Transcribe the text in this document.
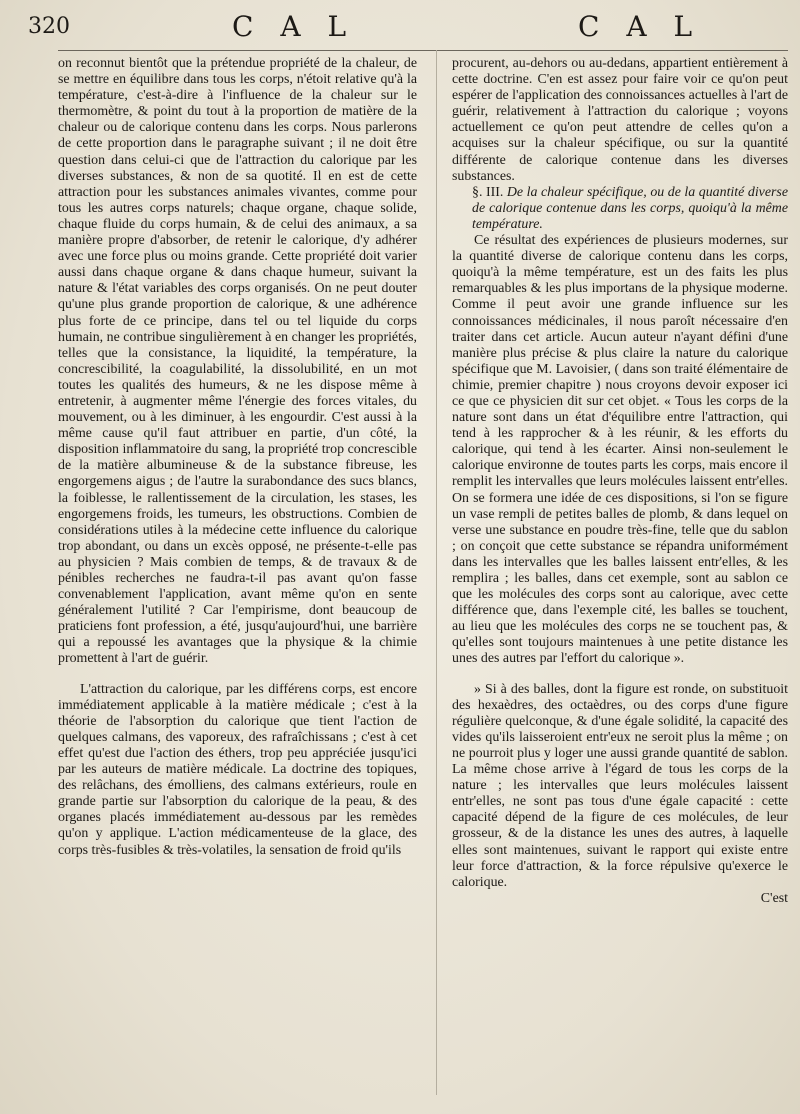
320	C A L	C A L

on reconnut bientôt que la prétendue propriété de la chaleur, de se mettre en équilibre dans tous les corps, n'étoit relative qu'à la température, c'est-à-dire à l'influence de la chaleur sur le thermomètre, & point du tout à la proportion de matière de la chaleur ou de calorique contenu dans les corps. Nous parlerons de cette proportion dans le paragraphe suivant ; il ne doit être question dans celui-ci que de l'attraction du calorique par les diverses substances, & non de sa quotité. Il en est de cette attraction pour les substances animales vivantes, comme pour tous les autres corps naturels; chaque organe, chaque solide, chaque fluide du corps humain, & de celui des animaux, a sa manière propre d'absorber, de retenir le calorique, d'y adhérer avec une force plus ou moins grande. Cette propriété doit varier aussi dans chaque organe & dans chaque humeur, suivant la nature & l'état variables des corps organisés. On ne peut douter qu'une plus grande proportion de calorique, & une adhérence plus forte de ce principe, dans tel ou tel liquide du corps humain, ne contribue singulièrement à en changer les propriétés, telles que la consistance, la liquidité, la température, la concrescibilité, la coagulabilité, la dissolubilité, en un mot toutes les qualités des humeurs, & ne les dispose même à entretenir, à augmenter même l'énergie des forces vitales, du mouvement, ou à les diminuer, à les engourdir. C'est aussi à la même cause qu'il faut attribuer en partie, d'un côté, la disposition inflammatoire du sang, la propriété trop concrescible de la matière albumineuse & de la substance fibreuse, les engorgemens aigus ; de l'autre la surabondance des sucs blancs, la foiblesse, le rallentissement de la circulation, les stases, les engorgemens froids, les tumeurs, les obstructions. Combien de considérations utiles à la médecine cette influence du calorique trop abondant, ou dans un excès opposé, ne présente-t-elle pas au physicien ? Mais combien de temps, & de travaux & de pénibles recherches ne faudra-t-il pas avant qu'on fasse convenablement l'application, avant même qu'on en sente généralement l'utilité ? Car l'empirisme, dont beaucoup de praticiens font profession, a été, jusqu'aujourd'hui, une barrière qui a repoussé les avantages que la physique & la chimie promettent à l'art de guérir.

L'attraction du calorique, par les différens corps, est encore immédiatement applicable à la matière médicale ; c'est à la théorie de l'absorption du calorique que tient l'action de quelques calmans, des vaporeux, des rafraîchissans ; c'est à cet effet qu'est due l'action des éthers, trop peu appréciée jusqu'ici par les auteurs de matière médicale. La doctrine des topiques, des relâchans, des émolliens, des calmans extérieurs, roule en grande partie sur l'absorption du calorique de la peau, & des organes placés immédiatement au-dessous par les remèdes qu'on y applique. L'action médicamenteuse de la glace, des corps très-fusibles & très-volatiles, la sensation de froid qu'ils

procurent, au-dehors ou au-dedans, appartient entièrement à cette doctrine. C'en est assez pour faire voir ce qu'on peut espérer de l'application des connoissances actuelles à l'art de guérir, relativement à l'attraction du calorique ; voyons actuellement ce qu'on peut attendre de celles qu'on a acquises sur la chaleur spécifique, ou sur la quantité différente de calorique contenue dans les diverses substances.

§. III. De la chaleur spécifique, ou de la quantité diverse de calorique contenue dans les corps, quoiqu'à la même température.

Ce résultat des expériences de plusieurs modernes, sur la quantité diverse de calorique contenu dans les corps, quoiqu'à la même température, est un des faits les plus remarquables & les plus importans de la physique moderne. Comme il peut avoir une grande influence sur les connoissances médicinales, il nous paroît nécessaire d'en traiter dans cet article. Aucun auteur n'ayant défini d'une manière plus précise & plus claire la nature du calorique spécifique que M. Lavoisier, ( dans son traité élémentaire de chimie, premier chapitre ) nous croyons devoir exposer ici ce que ce physicien dit sur cet objet. « Tous les corps de la nature sont dans un état d'équilibre entre l'attraction, qui tend à les rapprocher & à les réunir, & les efforts du calorique, qui tend à les écarter. Ainsi non-seulement le calorique environne de toutes parts les corps, mais encore il remplit les intervalles que leurs molécules laissent entr'elles. On se formera une idée de ces dispositions, si l'on se figure un vase rempli de petites balles de plomb, & dans lequel on verse une substance en poudre très-fine, telle que du sablon ; on conçoit que cette substance se répandra uniformément dans les intervalles que les balles laissent entr'elles, & les remplira ; les balles, dans cet exemple, sont au sablon ce que les molécules des corps sont au calorique, avec cette différence que, dans l'exemple cité, les balles se touchent, au lieu que les molécules des corps ne se touchent pas, & qu'elles sont toujours maintenues à une petite distance les unes des autres par l'effort du calorique ».

» Si à des balles, dont la figure est ronde, on substituoit des hexaèdres, des octaèdres, ou des corps d'une figure régulière quelconque, & d'une égale solidité, la capacité des vides qu'ils laisseroient entr'eux ne seroit plus la même ; on ne pourroit plus y loger une aussi grande quantité de sablon. La même chose arrive à l'égard de tous les corps de la nature ; les intervalles que leurs molécules laissent entr'elles, ne sont pas tous d'une égale capacité : cette capacité dépend de la figure de ces molécules, de leur grosseur, & de la distance les unes des autres, à laquelle elles sont maintenues, suivant le rapport qui existe entre leur force d'attraction, & la force répulsive qu'exerce le calorique.

C'est
